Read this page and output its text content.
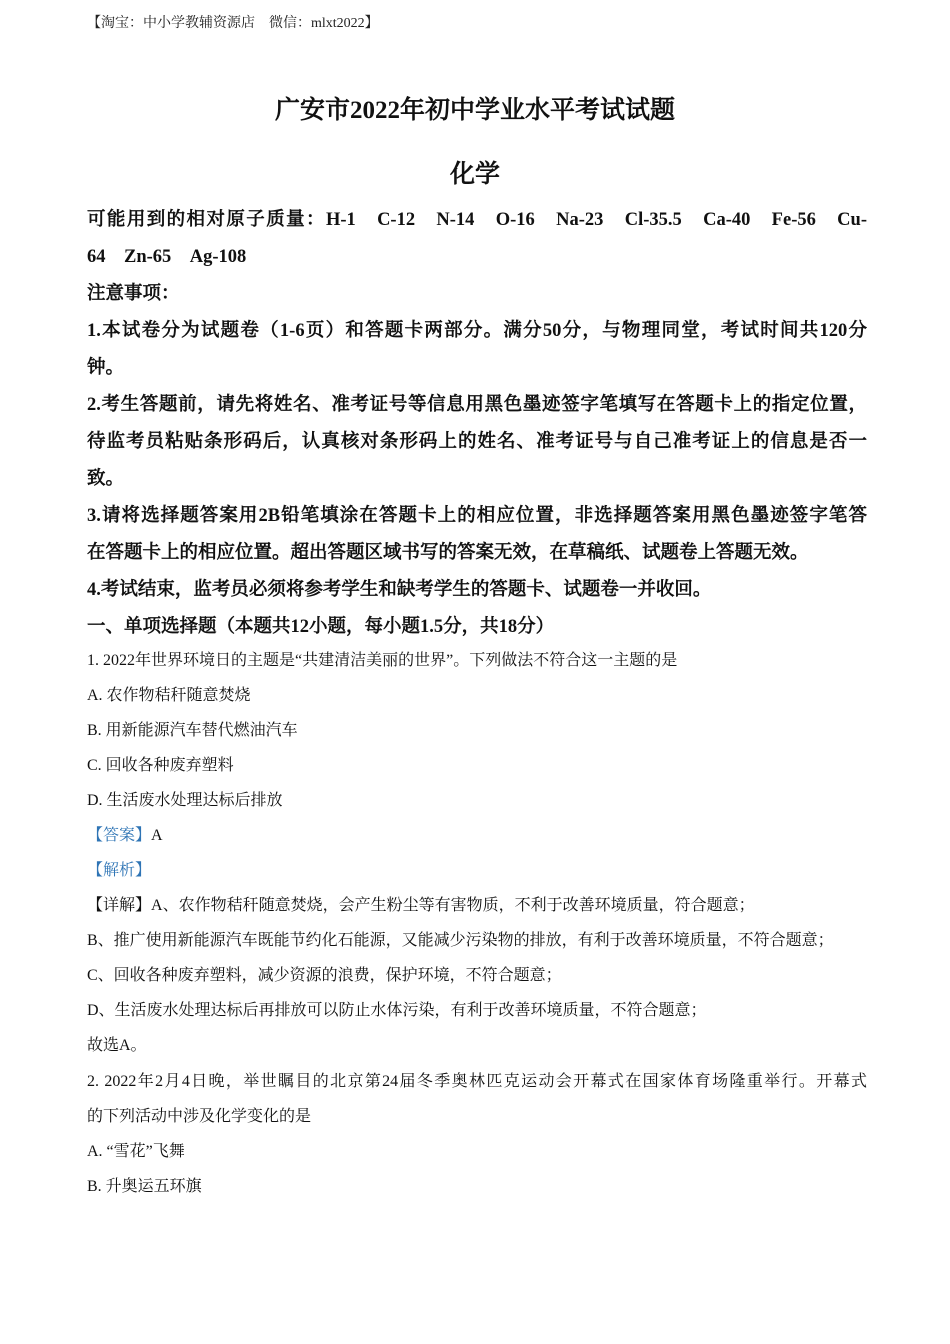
【淘宝：中小学教辅资源店　微信：mlxt2022】
广安市2022年初中学业水平考试试题
化学

可能用到的相对原子质量：H-1　C-12　N-14　O-16　Na-23　Cl-35.5　Ca-40　Fe-56　Cu-

64　Zn-65　Ag-108

注意事项：

1.本试卷分为试题卷（1-6页）和答题卡两部分。满分50分，与物理同堂，考试时间共120分

钟。

2.考生答题前，请先将姓名、准考证号等信息用黑色墨迹签字笔填写在答题卡上的指定位置，

待监考员粘贴条形码后，认真核对条形码上的姓名、准考证号与自己准考证上的信息是否一

致。

3.请将选择题答案用2B铅笔填涂在答题卡上的相应位置，非选择题答案用黑色墨迹签字笔答

在答题卡上的相应位置。超出答题区域书写的答案无效，在草稿纸、试题卷上答题无效。

4.考试结束，监考员必须将参考学生和缺考学生的答题卡、试题卷一并收回。

一、单项选择题（本题共12小题，每小题1.5分，共18分）

1. 2022年世界环境日的主题是“共建清洁美丽的世界”。下列做法不符合这一主题的是

A. 农作物秸秆随意焚烧

B. 用新能源汽车替代燃油汽车

C. 回收各种废弃塑料

D. 生活废水处理达标后排放

【答案】A

【解析】

【详解】A、农作物秸秆随意焚烧，会产生粉尘等有害物质，不利于改善环境质量，符合题意；

B、推广使用新能源汽车既能节约化石能源，又能减少污染物的排放，有利于改善环境质量，不符合题意；

C、回收各种废弃塑料，减少资源的浪费，保护环境，不符合题意；

D、生活废水处理达标后再排放可以防止水体污染，有利于改善环境质量，不符合题意；

故选A。

2. 2022年2月4日晚，举世瞩目的北京第24届冬季奥林匹克运动会开幕式在国家体育场隆重举行。开幕式

的下列活动中涉及化学变化的是

A. “雪花”飞舞

B. 升奥运五环旗
